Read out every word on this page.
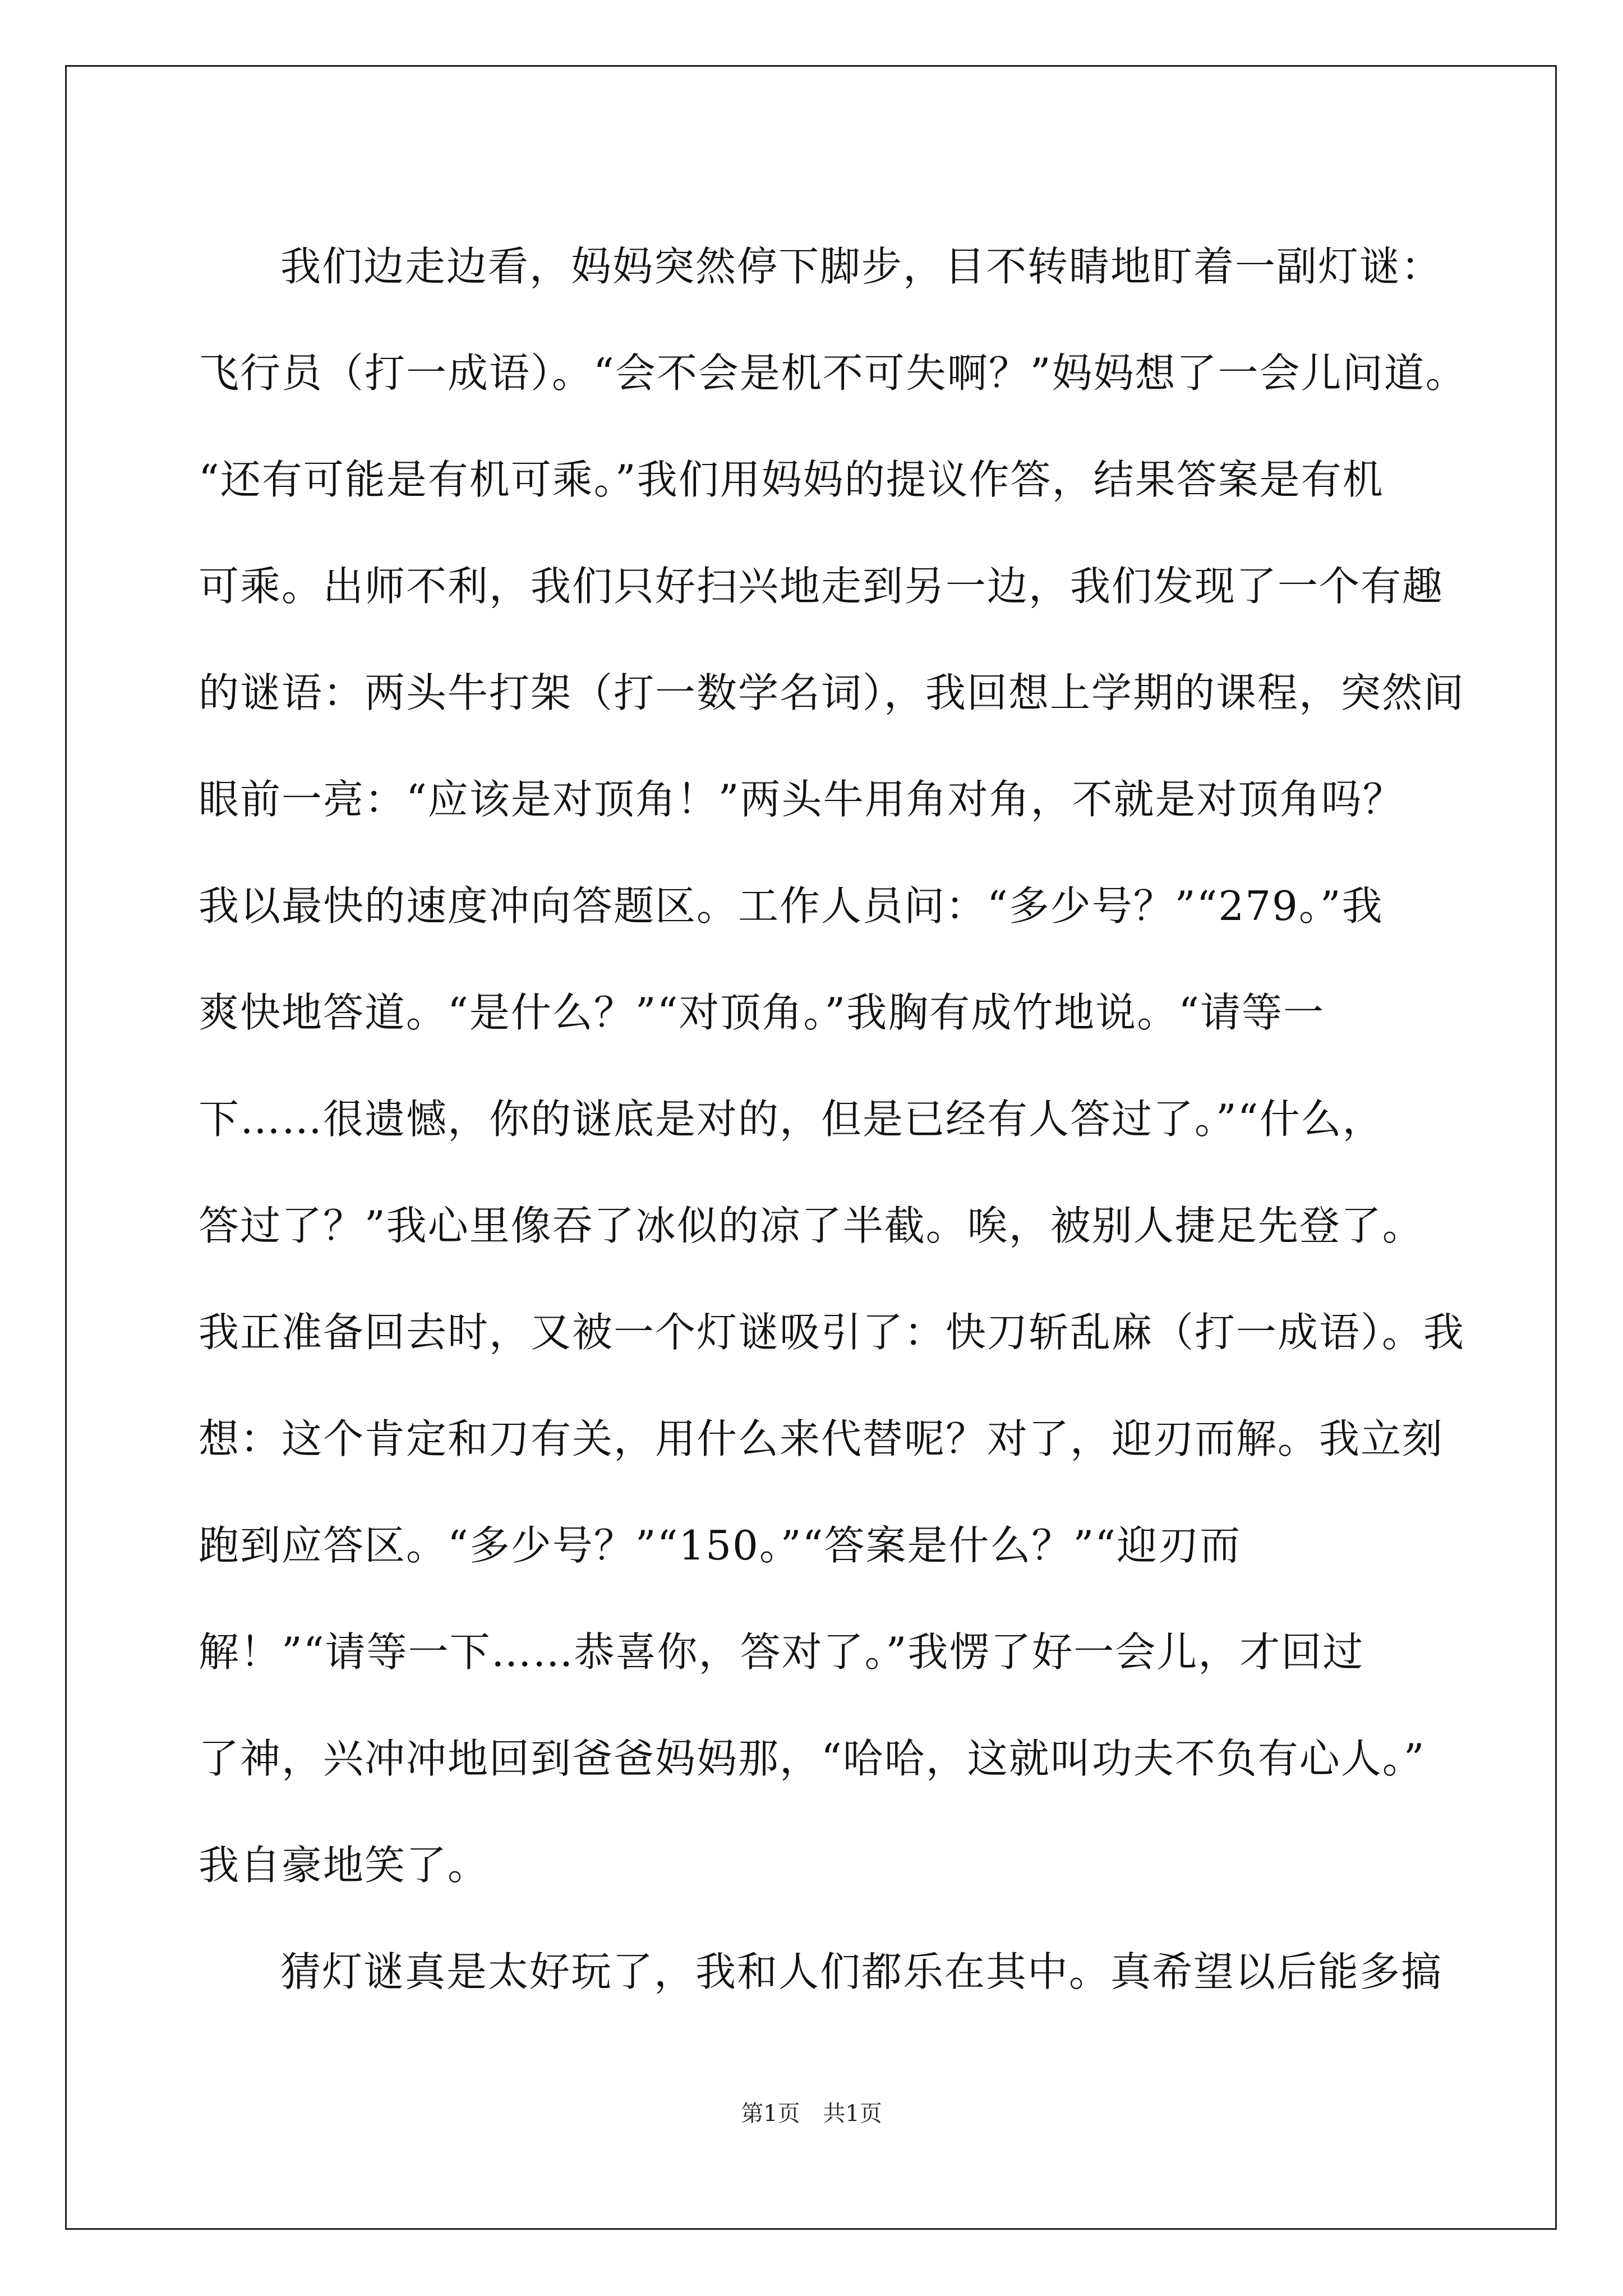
我们边走边看，妈妈突然停下脚步，目不转睛地盯着一副灯谜：
飞行员（打一成语）。“会不会是机不可失啊？”妈妈想了一会儿问道。
“还有可能是有机可乘。”我们用妈妈的提议作答，结果答案是有机
可乘。出师不利，我们只好扫兴地走到另一边，我们发现了一个有趣
的谜语：两头牛打架（打一数学名词），我回想上学期的课程，突然间
眼前一亮：“应该是对顶角！”两头牛用角对角，不就是对顶角吗？
我以最快的速度冲向答题区。工作人员问：“多少号？”“279。”我
爽快地答道。“是什么？”“对顶角。”我胸有成竹地说。“请等一
下……很遗憾，你的谜底是对的，但是已经有人答过了。”“什么，
答过了？”我心里像吞了冰似的凉了半截。唉，被别人捷足先登了。
我正准备回去时，又被一个灯谜吸引了：快刀斩乱麻（打一成语）。我
想：这个肯定和刀有关，用什么来代替呢？对了，迎刃而解。我立刻
跑到应答区。“多少号？”“150。”“答案是什么？”“迎刃而
解！”“请等一下……恭喜你，答对了。”我愣了好一会儿，才回过
了神，兴冲冲地回到爸爸妈妈那，“哈哈，这就叫功夫不负有心人。”
我自豪地笑了。
猜灯谜真是太好玩了，我和人们都乐在其中。真希望以后能多搞
第1页 共1页
